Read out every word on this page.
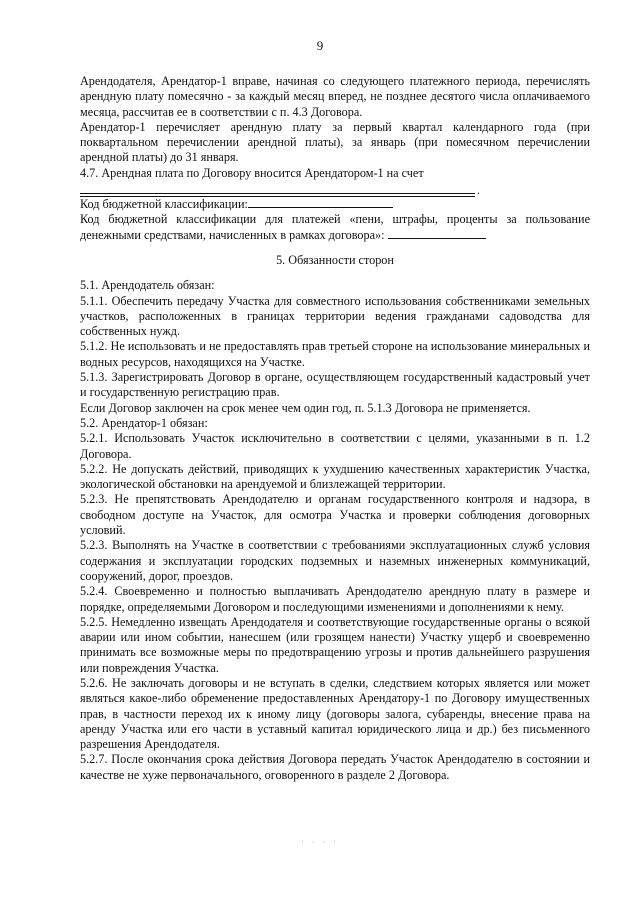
9

Арендодателя, Арендатор-1 вправе, начиная со следующего платежного периода, перечислять арендную плату помесячно - за каждый месяц вперед, не позднее десятого числа оплачиваемого месяца, рассчитав ее в соответствии с п. 4.3 Договора.

Арендатор-1 перечисляет арендную плату за первый квартал календарного года (при поквартальном перечислении арендной платы), за январь (при помесячном перечислении арендной платы) до 31 января.

4.7. Арендная плата по Договору вносится Арендатором-1 на счет

.

Код бюджетной классификации:

Код бюджетной классификации для платежей «пени, штрафы, проценты за пользование денежными средствами, начисленных в рамках договора»:

5. Обязанности сторон

5.1. Арендодатель обязан:

5.1.1. Обеспечить передачу Участка для совместного использования собственниками земельных участков, расположенных в границах территории ведения гражданами садоводства для собственных нужд.

5.1.2. Не использовать и не предоставлять прав третьей стороне на использование минеральных и водных ресурсов, находящихся на Участке.

5.1.3. Зарегистрировать Договор в органе, осуществляющем государственный кадастровый учет и государственную регистрацию прав.

Если Договор заключен на срок менее чем один год, п. 5.1.3 Договора не применяется.

5.2. Арендатор-1 обязан:

5.2.1. Использовать Участок исключительно в соответствии с целями, указанными в п. 1.2 Договора.

5.2.2. Не допускать действий, приводящих к ухудшению качественных характеристик Участка, экологической обстановки на арендуемой и близлежащей территории.

5.2.3. Не препятствовать Арендодателю и органам государственного контроля и надзора, в свободном доступе на Участок, для осмотра Участка и проверки соблюдения договорных условий.

5.2.3. Выполнять на Участке в соответствии с требованиями эксплуатационных служб условия содержания и эксплуатации городских подземных и наземных инженерных коммуникаций, сооружений, дорог, проездов.

5.2.4. Своевременно и полностью выплачивать Арендодателю арендную плату в размере и порядке, определяемыми Договором и последующими изменениями и дополнениями к нему.

5.2.5. Немедленно извещать Арендодателя и соответствующие государственные органы о всякой аварии или ином событии, нанесшем (или грозящем нанести) Участку ущерб и своевременно принимать все возможные меры по предотвращению угрозы и против дальнейшего разрушения или повреждения Участка.

5.2.6. Не заключать договоры и не вступать в сделки, следствием которых является или может являться какое-либо обременение предоставленных Арендатору-1 по Договору имущественных прав, в частности переход их к иному лицу (договоры залога, субаренды, внесение права на аренду Участка или его части в уставный капитал юридического лица и др.) без письменного разрешения Арендодателя.

5.2.7. После окончания срока действия Договора передать Участок Арендодателю в состоянии и качестве не хуже первоначального, оговоренного в разделе 2 Договора.

· · · ·
